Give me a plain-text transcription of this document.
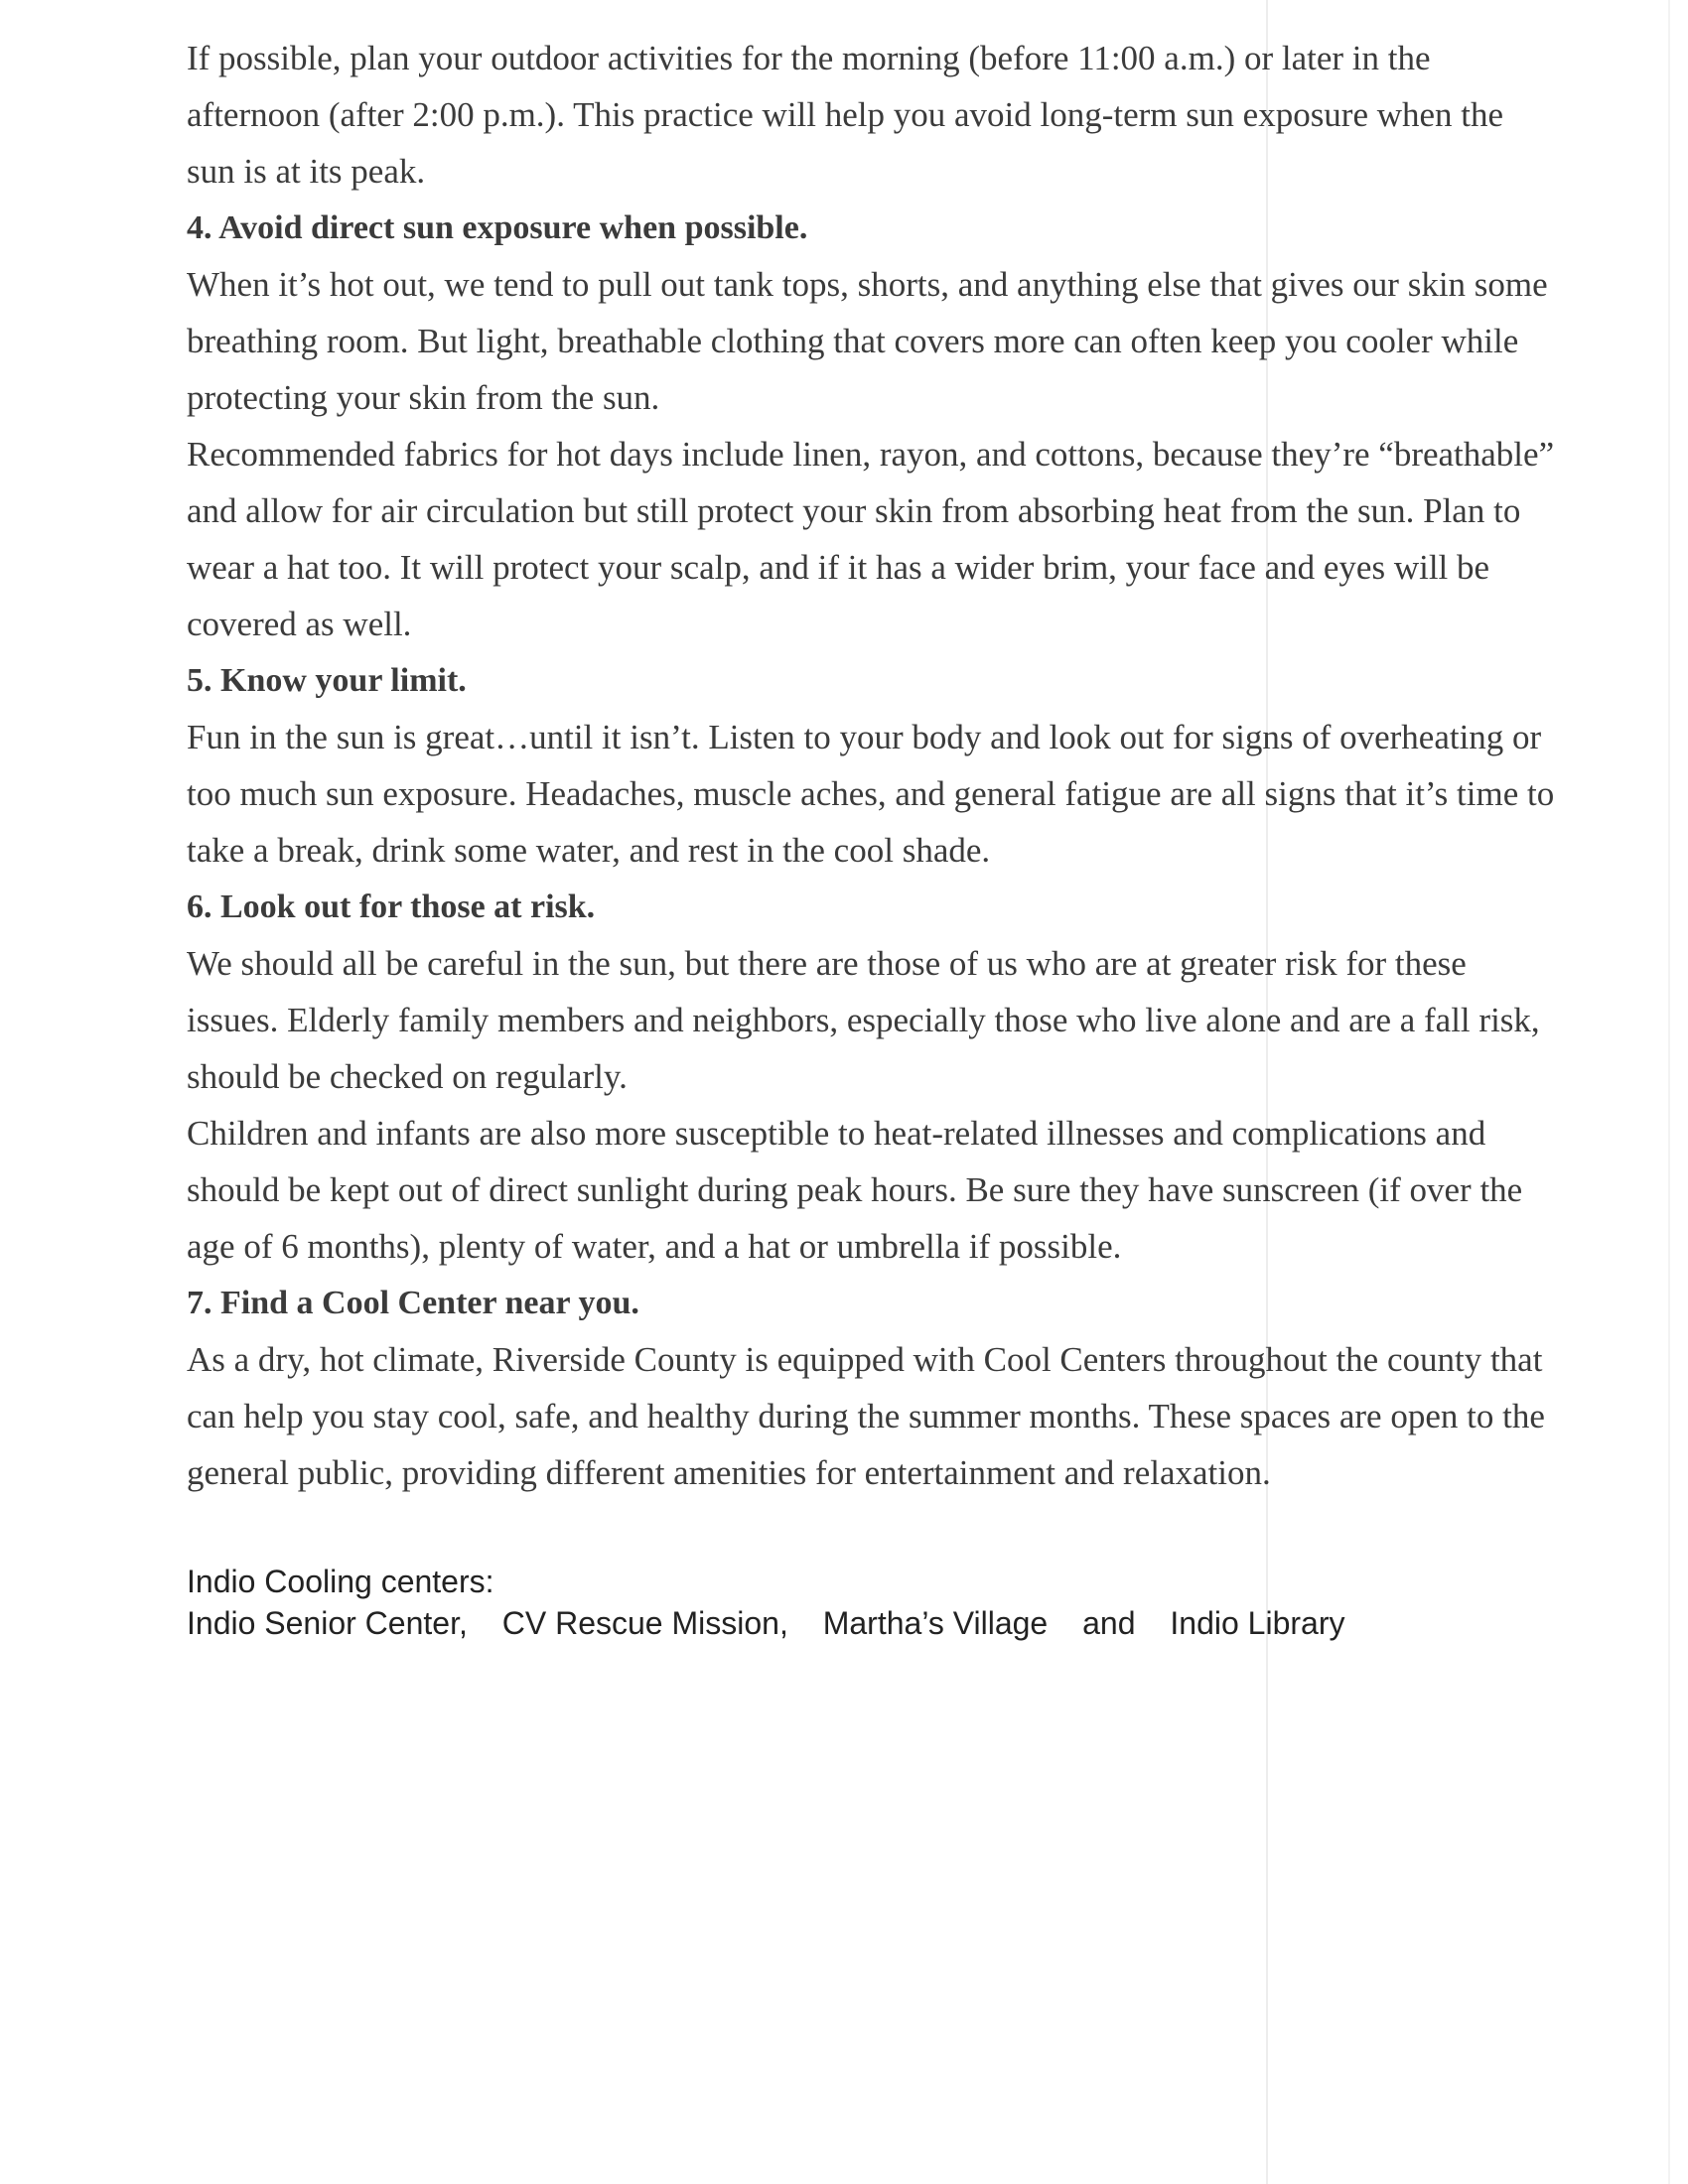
If possible, plan your outdoor activities for the morning (before 11:00 a.m.) or later in the afternoon (after 2:00 p.m.). This practice will help you avoid long-term sun exposure when the sun is at its peak.

4. Avoid direct sun exposure when possible.

When it’s hot out, we tend to pull out tank tops, shorts, and anything else that gives our skin some breathing room. But light, breathable clothing that covers more can often keep you cooler while protecting your skin from the sun.

Recommended fabrics for hot days include linen, rayon, and cottons, because they’re “breathable” and allow for air circulation but still protect your skin from absorbing heat from the sun. Plan to wear a hat too. It will protect your scalp, and if it has a wider brim, your face and eyes will be covered as well.

5. Know your limit.

Fun in the sun is great…until it isn’t. Listen to your body and look out for signs of overheating or too much sun exposure. Headaches, muscle aches, and general fatigue are all signs that it’s time to take a break, drink some water, and rest in the cool shade.

6. Look out for those at risk.

We should all be careful in the sun, but there are those of us who are at greater risk for these issues. Elderly family members and neighbors, especially those who live alone and are a fall risk, should be checked on regularly.

Children and infants are also more susceptible to heat-related illnesses and complications and should be kept out of direct sunlight during peak hours. Be sure they have sunscreen (if over the age of 6 months), plenty of water, and a hat or umbrella if possible.

7. Find a Cool Center near you.

As a dry, hot climate, Riverside County is equipped with Cool Centers throughout the county that can help you stay cool, safe, and healthy during the summer months. These spaces are open to the general public, providing different amenities for entertainment and relaxation.

Indio Cooling centers:
Indio Senior Center, CV Rescue Mission, Martha’s Village and Indio Library
